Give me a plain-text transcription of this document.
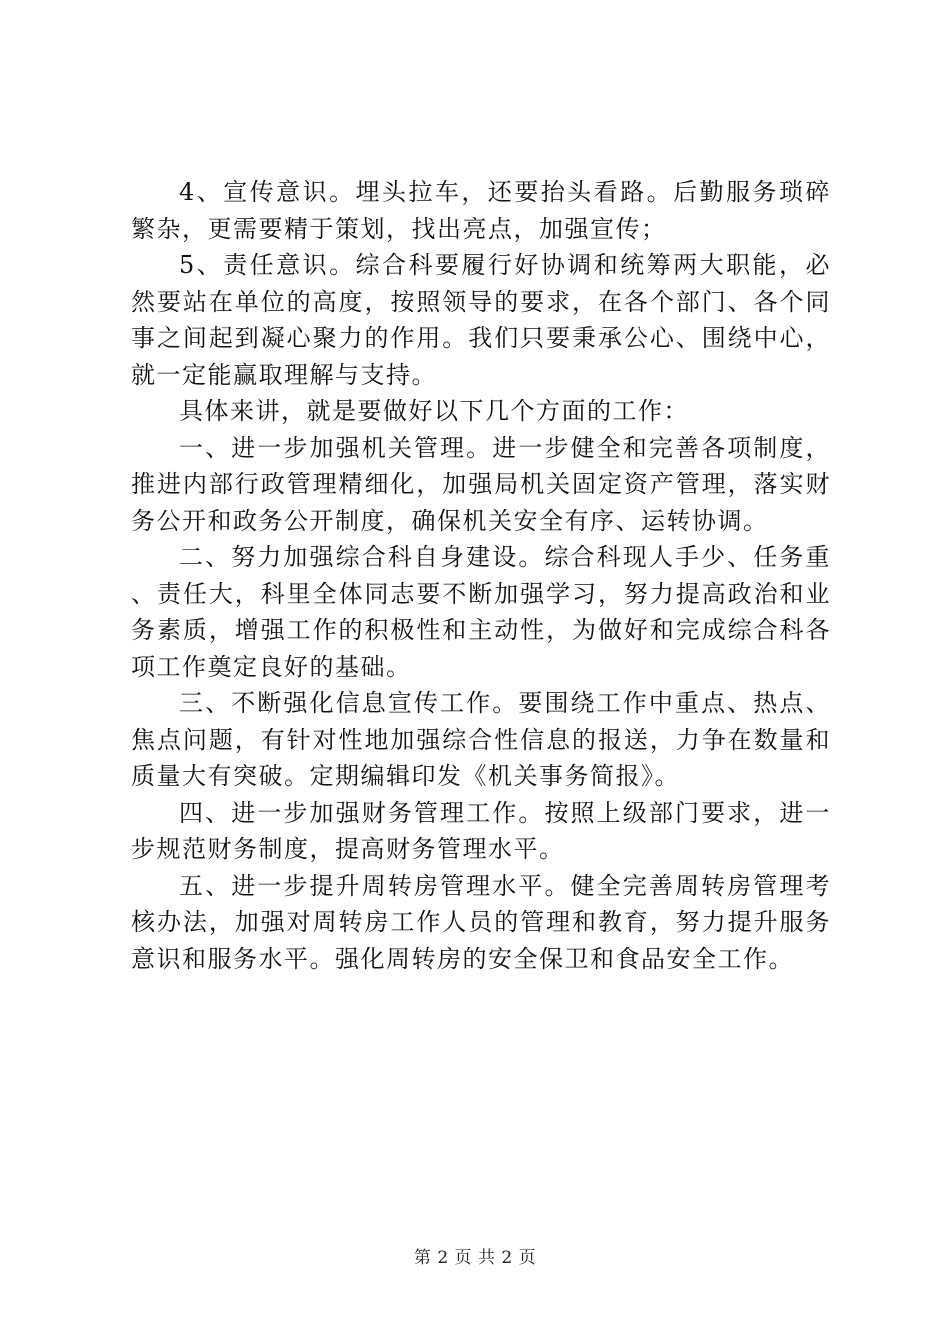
4、宣传意识。埋头拉车，还要抬头看路。后勤服务琐碎繁杂，更需要精于策划，找出亮点，加强宣传；

5、责任意识。综合科要履行好协调和统筹两大职能，必然要站在单位的高度，按照领导的要求，在各个部门、各个同事之间起到凝心聚力的作用。我们只要秉承公心、围绕中心，就一定能赢取理解与支持。

具体来讲，就是要做好以下几个方面的工作：

一、进一步加强机关管理。进一步健全和完善各项制度，推进内部行政管理精细化，加强局机关固定资产管理，落实财务公开和政务公开制度，确保机关安全有序、运转协调。

二、努力加强综合科自身建设。综合科现人手少、任务重、责任大，科里全体同志要不断加强学习，努力提高政治和业务素质，增强工作的积极性和主动性，为做好和完成综合科各项工作奠定良好的基础。

三、不断强化信息宣传工作。要围绕工作中重点、热点、焦点问题，有针对性地加强综合性信息的报送，力争在数量和质量大有突破。定期编辑印发《机关事务简报》。

四、进一步加强财务管理工作。按照上级部门要求，进一步规范财务制度，提高财务管理水平。

五、进一步提升周转房管理水平。健全完善周转房管理考核办法，加强对周转房工作人员的管理和教育，努力提升服务意识和服务水平。强化周转房的安全保卫和食品安全工作。

第 2 页 共 2 页
